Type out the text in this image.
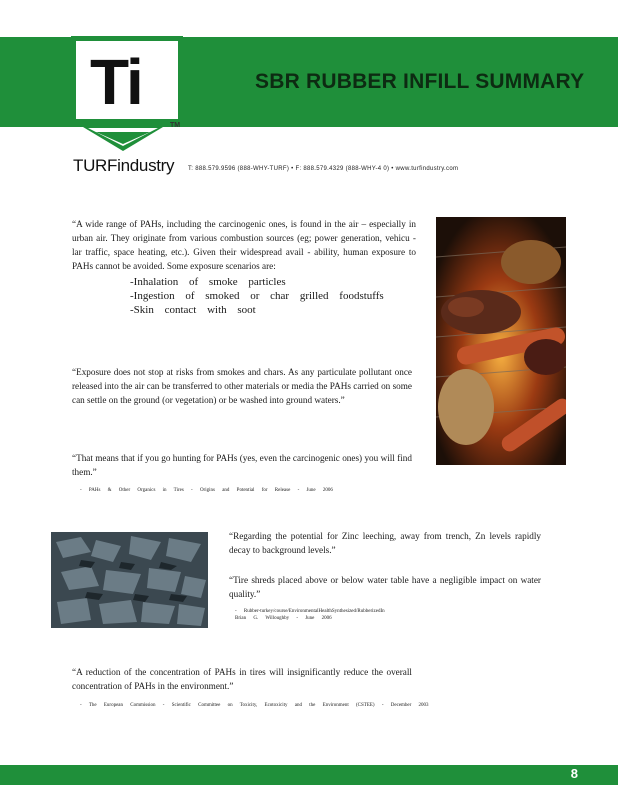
Ti
TM
TURFindustry
SBR RUBBER INFILL SUMMARY
T: 888.579.9596 (888-WHY-TURF) • F: 888.579.4329 (888-WHY-4 0) • www.turfindustry.com

“A wide range of PAHs, including the carcinogenic ones, is found in the air – especially in urban air. They originate from various combustion sources (eg; power generation, vehicu - lar traffic, space heating, etc.). Given their widespread avail - ability, human exposure to PAHs cannot be avoided. Some exposure scenarios are:

-Inhalation of smoke particles
-Ingestion of smoked or char grilled foodstuffs
-Skin contact with soot

“Exposure does not stop at risks from smokes and chars. As any particulate pollutant once released into the air can be transferred to other materials or media the PAHs carried on some can settle on the ground (or vegetation) or be washed into ground waters.”

“That means that if you go hunting for PAHs (yes, even the carcinogenic ones) you will find them.”

- PAHs & Other Organics in Tires - Origins and Potential for Release - June 2006

“Regarding the potential for Zinc leeching, away from trench, Zn levels rapidly decay to background levels.”

“Tire shreds placed above or below water table have a negligible impact on water quality.”

- Rubber-turkey/course/EnvironmentalHealthSynthesized/RubberizedIn
Brian G. Willoughby - June 2006

“A reduction of the concentration of PAHs in tires will insignificantly reduce the overall concentration of PAHs in the environment.”

- The European Commission - Scientific Committee on Toxicity, Ecotoxicity and the Environment (CSTEE) - December 2003
8
